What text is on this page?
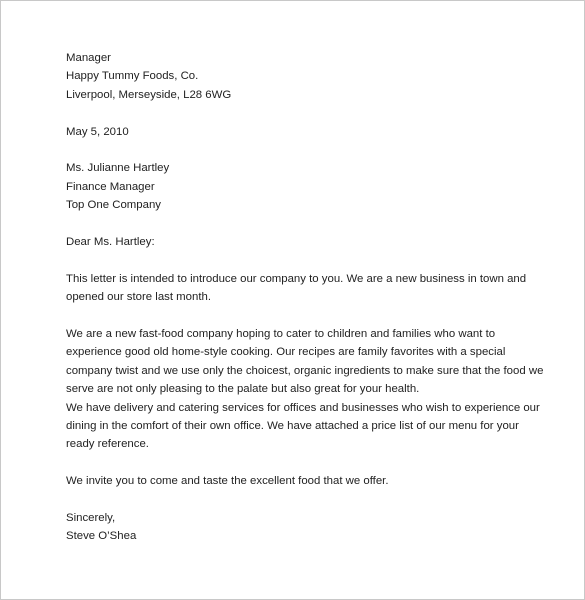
Manager
Happy Tummy Foods, Co.
Liverpool, Merseyside, L28 6WG
May 5, 2010
Ms. Julianne Hartley
Finance Manager
Top One Company
Dear Ms. Hartley:
This letter is intended to introduce our company to you. We are a new business in town and
opened our store last month.
We are a new fast-food company hoping to cater to children and families who want to
experience good old home-style cooking. Our recipes are family favorites with a special
company twist and we use only the choicest, organic ingredients to make sure that the food we
serve are not only pleasing to the palate but also great for your health.
We have delivery and catering services for offices and businesses who wish to experience our
dining in the comfort of their own office. We have attached a price list of our menu for your
ready reference.
We invite you to come and taste the excellent food that we offer.
Sincerely,
Steve O’Shea
